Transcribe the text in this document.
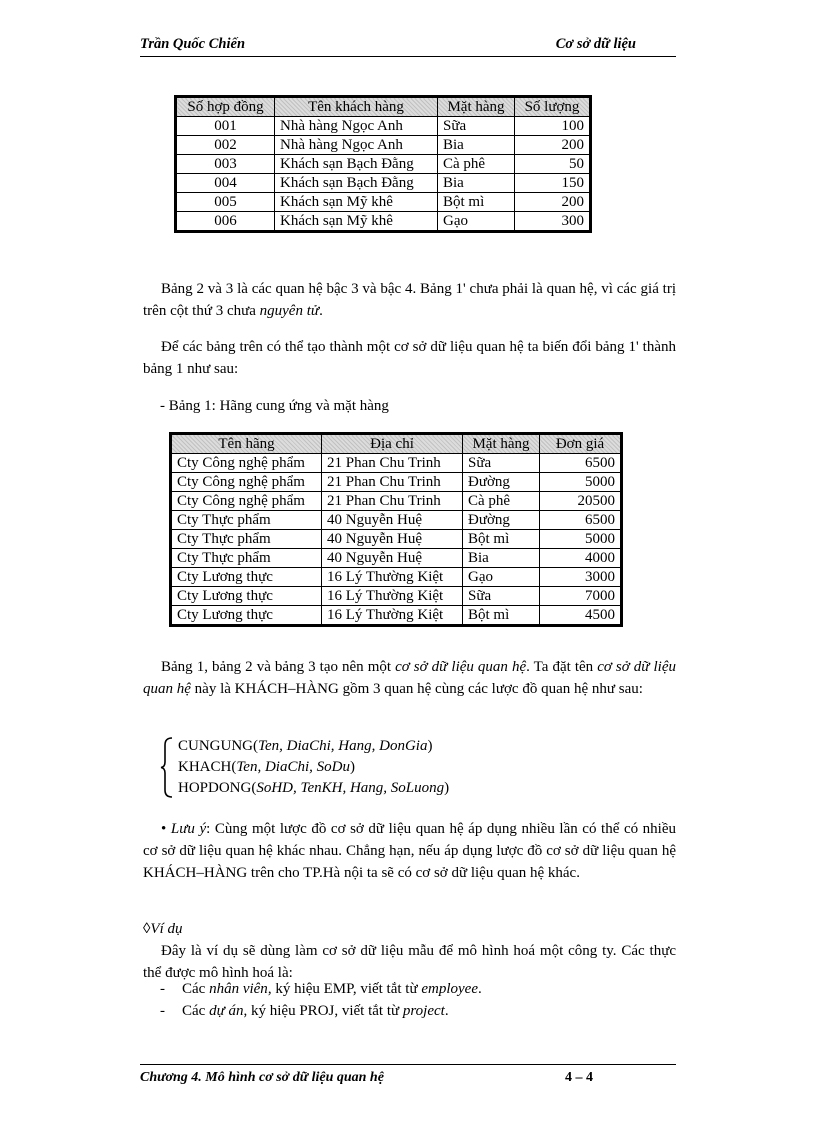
Trần Quốc Chiến	Cơ sở dữ liệu
Số hợp đồng	Tên khách hàng	Mặt hàng	Số lượng
001	Nhà hàng Ngọc Anh	Sữa	100
002	Nhà hàng Ngọc Anh	Bia	200
003	Khách sạn Bạch Đằng	Cà phê	50
004	Khách sạn Bạch Đằng	Bia	150
005	Khách sạn Mỹ khê	Bột mì	200
006	Khách sạn Mỹ khê	Gạo	300
Bảng 2 và 3 là các quan hệ bậc 3 và bậc 4. Bảng 1' chưa phải là quan hệ, vì các giá trị trên cột thứ 3 chưa nguyên tử.
Để các bảng trên có thể tạo thành một cơ sở dữ liệu quan hệ ta biến đổi bảng 1' thành bảng 1 như sau:
- Bảng 1: Hãng cung ứng và mặt hàng
Tên hãng	Địa chỉ	Mặt hàng	Đơn giá
Cty Công nghệ phẩm	21 Phan Chu Trinh	Sữa	6500
Cty Công nghệ phẩm	21 Phan Chu Trinh	Đường	5000
Cty Công nghệ phẩm	21 Phan Chu Trinh	Cà phê	20500
Cty Thực phẩm	40 Nguyễn Huệ	Đường	6500
Cty Thực phẩm	40 Nguyễn Huệ	Bột mì	5000
Cty Thực phẩm	40 Nguyễn Huệ	Bia	4000
Cty Lương thực	16 Lý Thường Kiệt	Gạo	3000
Cty Lương thực	16 Lý Thường Kiệt	Sữa	7000
Cty Lương thực	16 Lý Thường Kiệt	Bột mì	4500
Bảng 1, bảng 2 và bảng 3 tạo nên một cơ sở dữ liệu quan hệ. Ta đặt tên cơ sở dữ liệu quan hệ này là KHÁCH–HÀNG gồm 3 quan hệ cùng các lược đồ quan hệ như sau:
CUNGUNG(Ten, DiaChi, Hang, DonGia)
KHACH(Ten, DiaChi, SoDu)
HOPDONG(SoHD, TenKH, Hang, SoLuong)
• Lưu ý: Cùng một lược đồ cơ sở dữ liệu quan hệ áp dụng nhiều lần có thể có nhiều cơ sở dữ liệu quan hệ khác nhau. Chẳng hạn, nếu áp dụng lược đồ cơ sở dữ liệu quan hệ KHÁCH–HÀNG trên cho TP.Hà nội ta sẽ có cơ sở dữ liệu quan hệ khác.
◊Ví dụ
Đây là ví dụ sẽ dùng làm cơ sở dữ liệu mẫu để mô hình hoá một công ty. Các thực thể được mô hình hoá là:
- Các nhân viên, ký hiệu EMP, viết tắt từ employee.
- Các dự án, ký hiệu PROJ, viết tắt từ project.
Chương 4. Mô hình cơ sở dữ liệu quan hệ	4 – 4
